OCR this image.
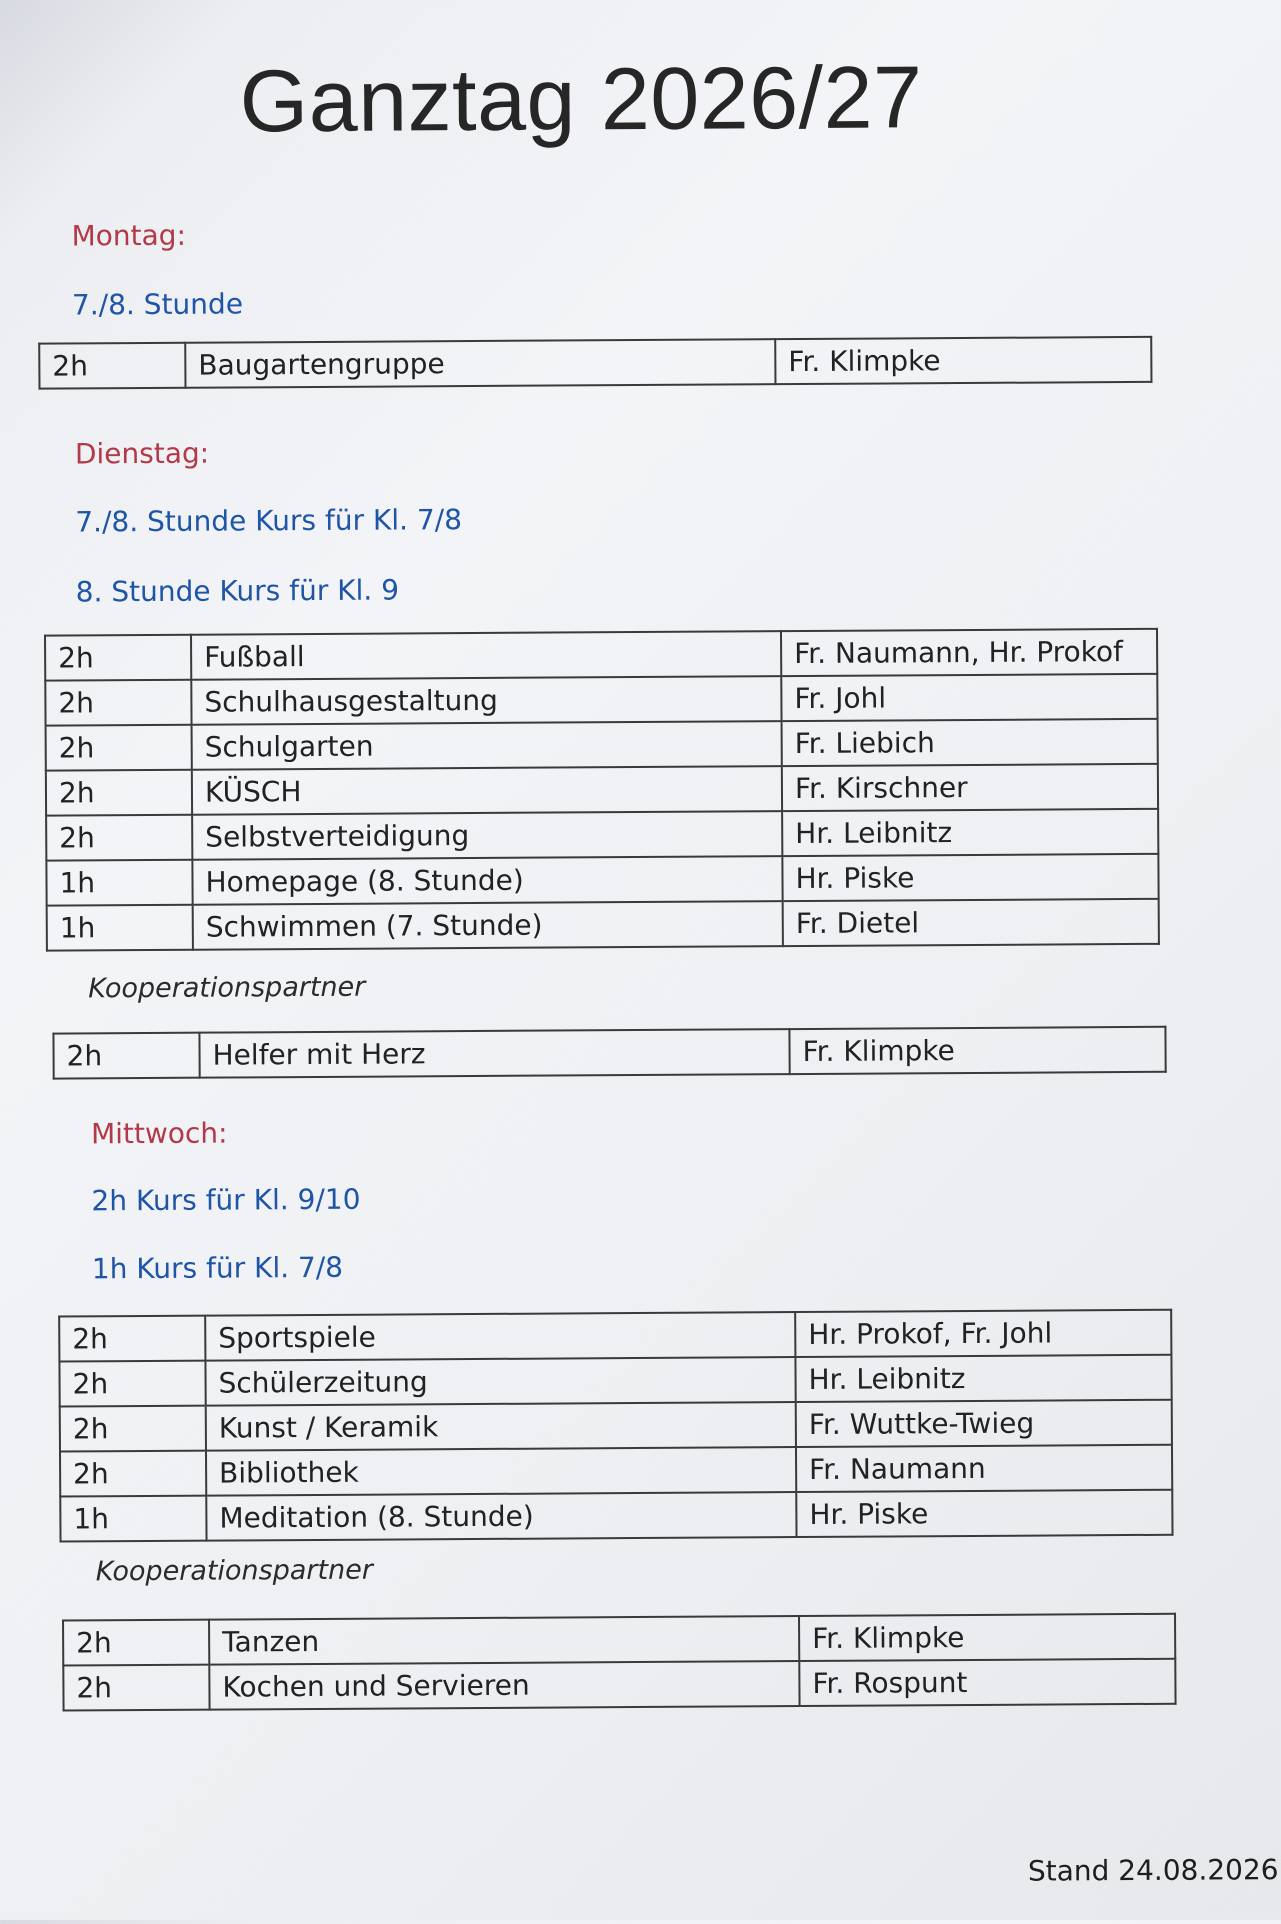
Ganztag 2026/27
Montag:
7./8. Stunde
2h	Baugartengruppe	Fr. Klimpke
Dienstag:
7./8. Stunde Kurs für Kl. 7/8
8. Stunde Kurs für Kl. 9
2h	Fußball	Fr. Naumann, Hr. Prokof
2h	Schulhausgestaltung	Fr. Johl
2h	Schulgarten	Fr. Liebich
2h	KÜSCH	Fr. Kirschner
2h	Selbstverteidigung	Hr. Leibnitz
1h	Homepage (8. Stunde)	Hr. Piske
1h	Schwimmen (7. Stunde)	Fr. Dietel
Kooperationspartner
2h	Helfer mit Herz	Fr. Klimpke
Mittwoch:
2h Kurs für Kl. 9/10
1h Kurs für Kl. 7/8
2h	Sportspiele	Hr. Prokof, Fr. Johl
2h	Schülerzeitung	Hr. Leibnitz
2h	Kunst / Keramik	Fr. Wuttke-Twieg
2h	Bibliothek	Fr. Naumann
1h	Meditation (8. Stunde)	Hr. Piske
Kooperationspartner
2h	Tanzen	Fr. Klimpke
2h	Kochen und Servieren	Fr. Rospunt
Stand 24.08.2026
